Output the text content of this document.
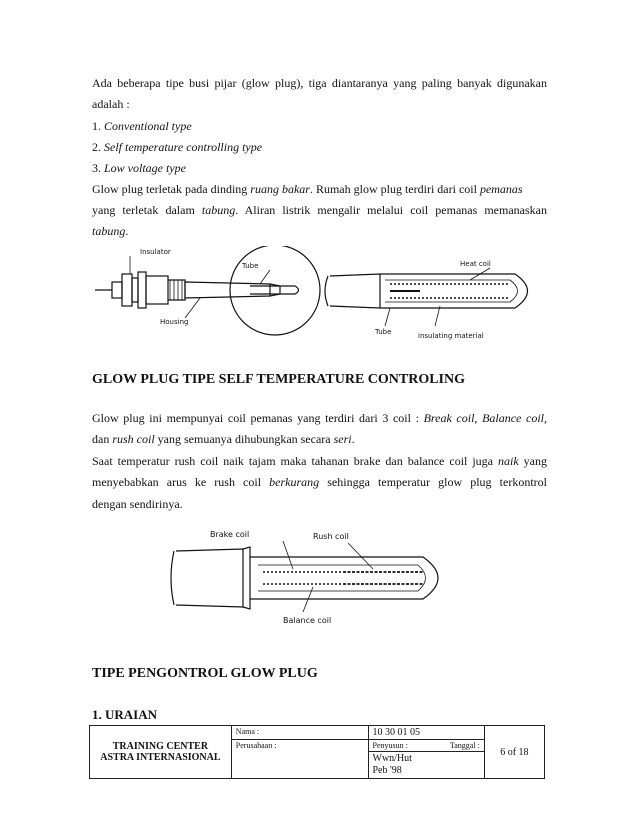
Ada beberapa tipe busi pijar (glow plug), tiga diantaranya yang paling banyak digunakan
adalah :
1. Conventional type
2. Self temperature controlling type
3. Low voltage type
Glow plug terletak pada dinding ruang bakar. Rumah glow plug terdiri dari coil pemanas
yang terletak dalam tabung. Aliran listrik mengalir melalui coil pemanas memanaskan
tabung.
Insulator
Housing
Tube	Heat coil
Tube	insulating material
GLOW PLUG TIPE SELF TEMPERATURE CONTROLING
Glow plug ini mempunyai coil pemanas yang terdiri dari 3 coil : Break coil, Balance coil,
dan rush coil yang semuanya dihubungkan secara seri.
Saat temperatur rush coil naik tajam maka tahanan brake dan balance coil juga naik yang
menyebabkan arus ke rush coil berkurang sehingga temperatur glow plug terkontrol
dengan sendirinya.
Brake coil	Rush coil
Balance coil
TIPE PENGONTROL GLOW PLUG
1. URAIAN
TRAINING CENTER
ASTRA INTERNASIONAL	Nama :	10 30 01 05	6 of 18
	Perusahaan :	Penyusun : Tanggal :	

		Wwn/Hut
Peb '98	
